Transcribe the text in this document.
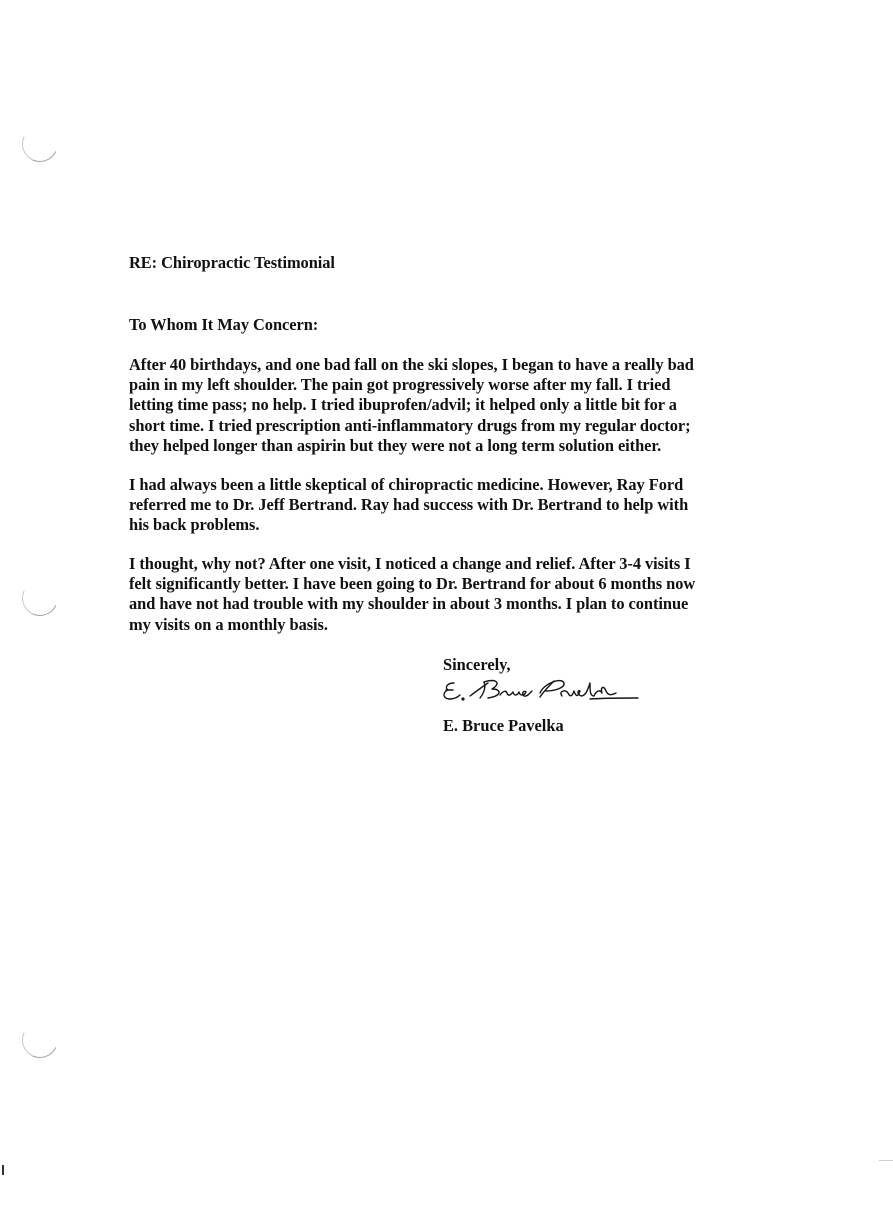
RE: Chiropractic Testimonial
To Whom It May Concern:
After 40 birthdays, and one bad fall on the ski slopes, I began to have a really bad
pain in my left shoulder. The pain got progressively worse after my fall. I tried
letting time pass; no help. I tried ibuprofen/advil; it helped only a little bit for a
short time. I tried prescription anti-inflammatory drugs from my regular doctor;
they helped longer than aspirin but they were not a long term solution either.
I had always been a little skeptical of chiropractic medicine. However, Ray Ford
referred me to Dr. Jeff Bertrand. Ray had success with Dr. Bertrand to help with
his back problems.
I thought, why not? After one visit, I noticed a change and relief. After 3-4 visits I
felt significantly better. I have been going to Dr. Bertrand for about 6 months now
and have not had trouble with my shoulder in about 3 months. I plan to continue
my visits on a monthly basis.
Sincerely,
E. Bruce Pavelka
